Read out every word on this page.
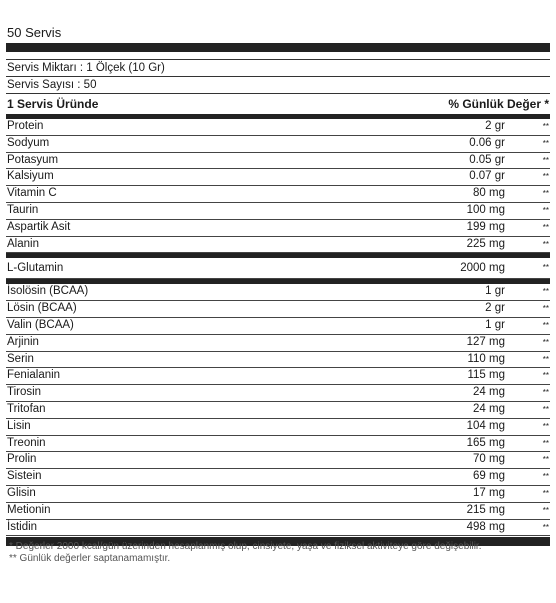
50 Servis
Servis Miktarı : 1 Ölçek (10 Gr)
Servis Sayısı : 50
1 Servis Üründe	% Günlük Değer *
Protein	2 gr	**
Sodyum	0.06 gr	**
Potasyum	0.05 gr	**
Kalsiyum	0.07 gr	**
Vitamin C	80 mg	**
Taurin	100 mg	**
Aspartik Asit	199 mg	**
Alanin	225 mg	**
L-Glutamin	2000 mg	**
İsolösin (BCAA)	1 gr	**
Lösin (BCAA)	2 gr	**
Valin (BCAA)	1 gr	**
Arjinin	127 mg	**
Serin	110 mg	**
Fenialanin	115 mg	**
Tirosin	24 mg	**
Tritofan	24 mg	**
Lisin	104 mg	**
Treonin	165 mg	**
Prolin	70 mg	**
Sistein	69 mg	**
Glisin	17 mg	**
Metionin	215 mg	**
İstidin	498 mg	**
* Değerler 2000 kcal/gün üzerinden hesaplanmış olup, cinsiyete, yaşa ve fiziksel aktiviteye göre değişebilir.
** Günlük değerler saptanamamıştır.
